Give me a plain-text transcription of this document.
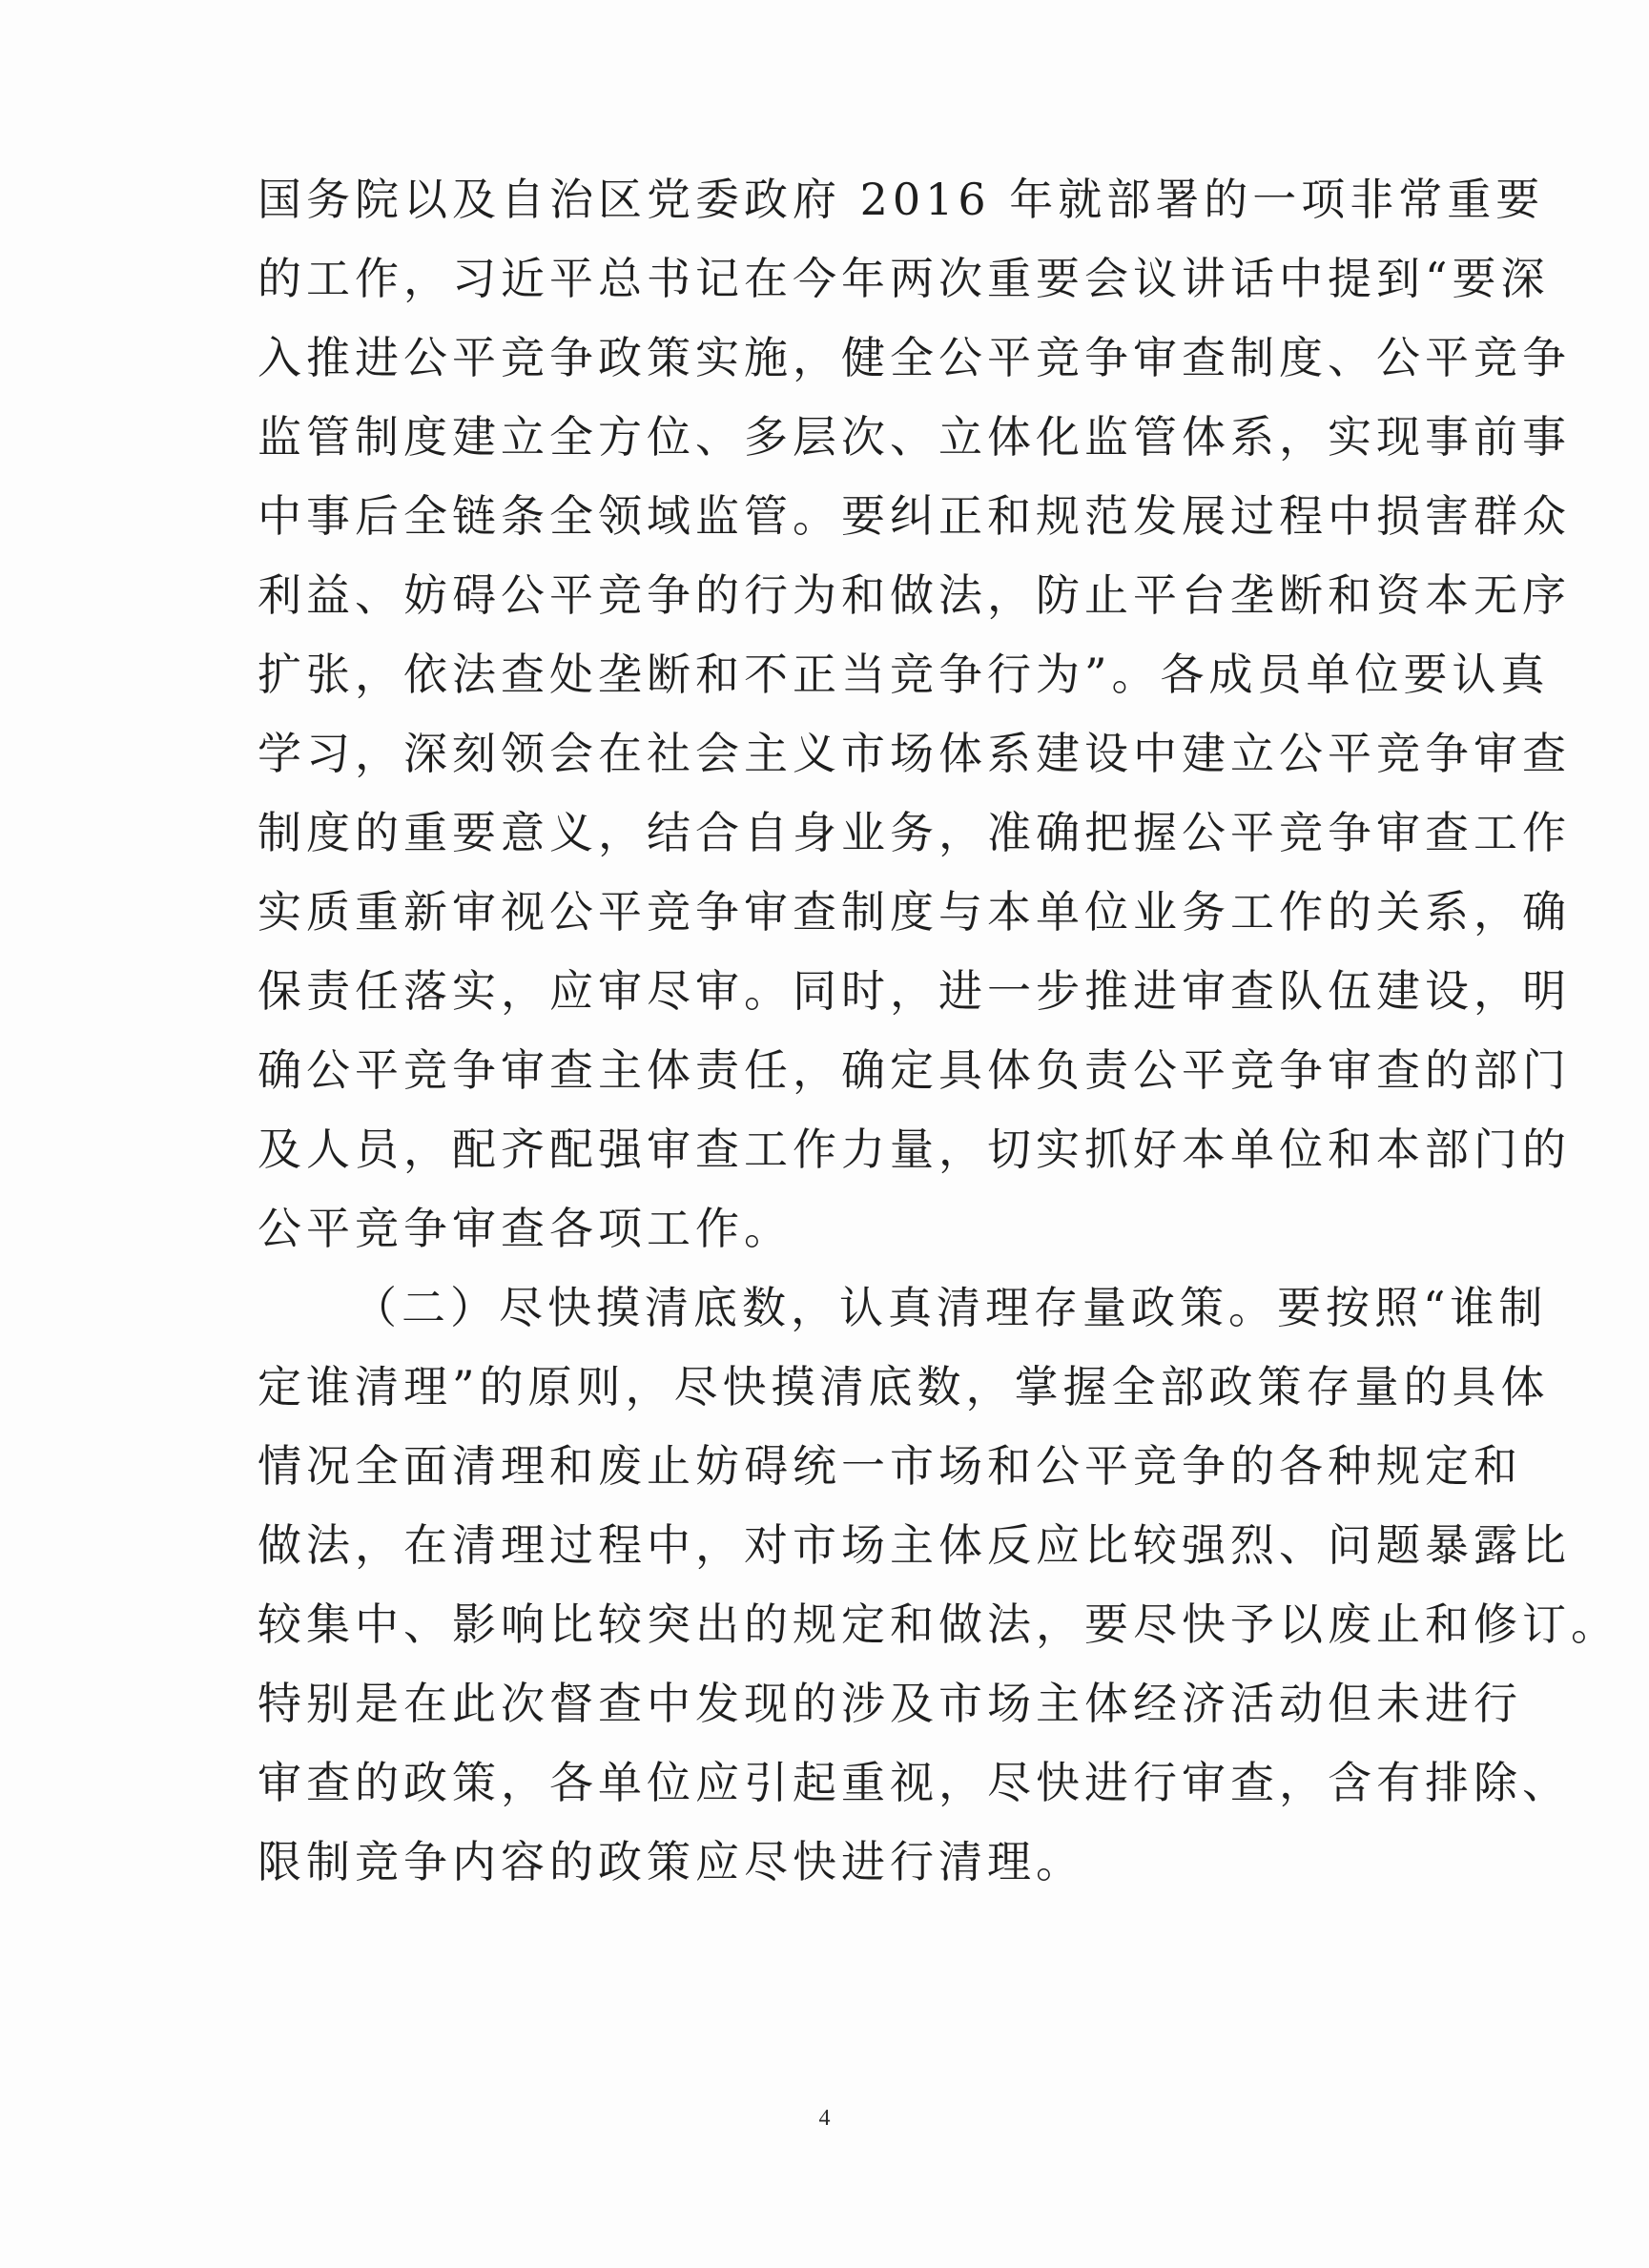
国务院以及自治区党委政府 2016 年就部署的一项非常重要
的工作，习近平总书记在今年两次重要会议讲话中提到“要深
入推进公平竞争政策实施，健全公平竞争审查制度、公平竞争
监管制度建立全方位、多层次、立体化监管体系，实现事前事
中事后全链条全领域监管。要纠正和规范发展过程中损害群众
利益、妨碍公平竞争的行为和做法，防止平台垄断和资本无序
扩张，依法查处垄断和不正当竞争行为”。各成员单位要认真
学习，深刻领会在社会主义市场体系建设中建立公平竞争审查
制度的重要意义，结合自身业务，准确把握公平竞争审查工作
实质重新审视公平竞争审查制度与本单位业务工作的关系，确
保责任落实，应审尽审。同时，进一步推进审查队伍建设，明
确公平竞争审查主体责任，确定具体负责公平竞争审查的部门
及人员，配齐配强审查工作力量，切实抓好本单位和本部门的
公平竞争审查各项工作。
（二）尽快摸清底数，认真清理存量政策。要按照“谁制
定谁清理”的原则，尽快摸清底数，掌握全部政策存量的具体
情况全面清理和废止妨碍统一市场和公平竞争的各种规定和
做法，在清理过程中，对市场主体反应比较强烈、问题暴露比
较集中、影响比较突出的规定和做法，要尽快予以废止和修订。
特别是在此次督查中发现的涉及市场主体经济活动但未进行
审查的政策，各单位应引起重视，尽快进行审查，含有排除、
限制竞争内容的政策应尽快进行清理。
4
